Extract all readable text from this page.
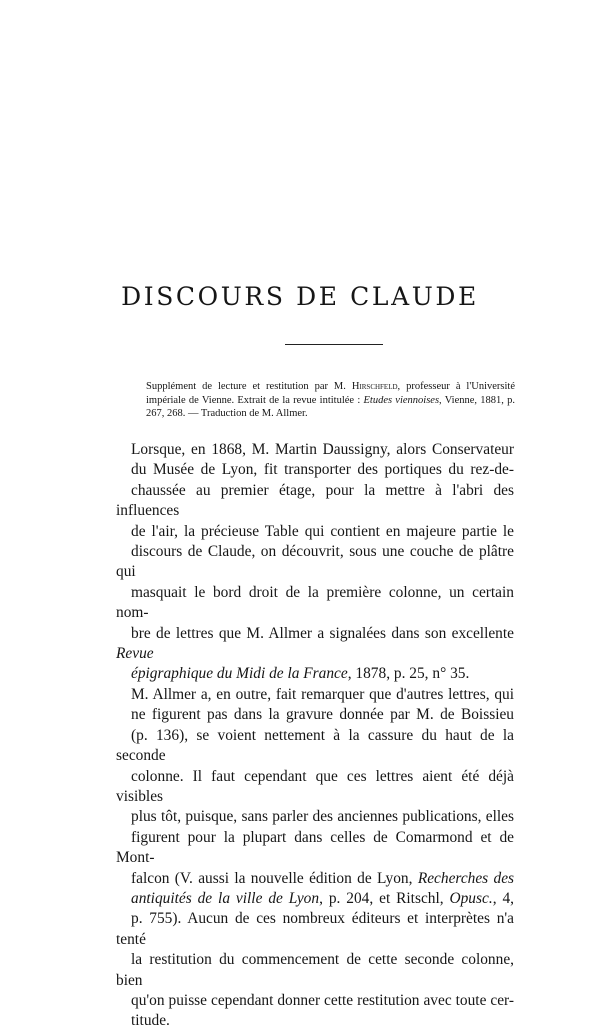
DISCOURS DE CLAUDE

Supplément de lecture et restitution par M. Hirschfeld, professeur à l'Université impériale de Vienne. Extrait de la revue intitulée : Etudes viennoises, Vienne, 1881, p. 267, 268. — Traduction de M. Allmer.

Lorsque, en 1868, M. Martin Daussigny, alors Conservateur
du Musée de Lyon, fit transporter des portiques du rez-de-
chaussée au premier étage, pour la mettre à l'abri des influences
de l'air, la précieuse Table qui contient en majeure partie le
discours de Claude, on découvrit, sous une couche de plâtre qui
masquait le bord droit de la première colonne, un certain nom-
bre de lettres que M. Allmer a signalées dans son excellente Revue
épigraphique du Midi de la France, 1878, p. 25, n° 35.

M. Allmer a, en outre, fait remarquer que d'autres lettres, qui
ne figurent pas dans la gravure donnée par M. de Boissieu
(p. 136), se voient nettement à la cassure du haut de la seconde
colonne. Il faut cependant que ces lettres aient été déjà visibles
plus tôt, puisque, sans parler des anciennes publications, elles
figurent pour la plupart dans celles de Comarmond et de Mont-
falcon (V. aussi la nouvelle édition de Lyon, Recherches des
antiquités de la ville de Lyon, p. 204, et Ritschl, Opusc., 4,
p. 755). Aucun de ces nombreux éditeurs et interprètes n'a tenté
la restitution du commencement de cette seconde colonne, bien
qu'on puisse cependant donner cette restitution avec toute cer-
titude.
